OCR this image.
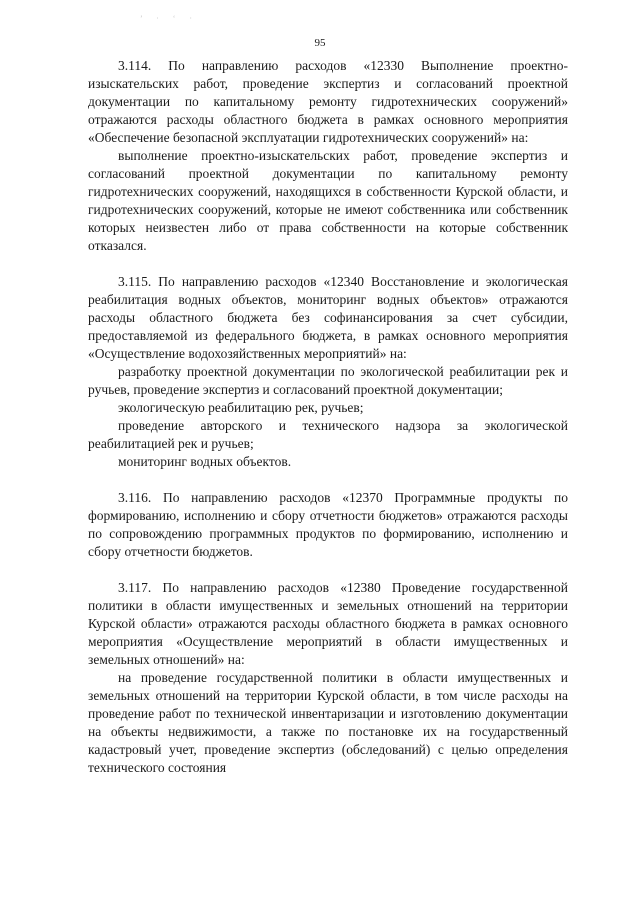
’ · ‘ ·
95

3.114. По направлению расходов «12330 Выполнение проектно-изыскательских работ, проведение экспертиз и согласований проектной документации по капитальному ремонту гидротехнических сооружений» отражаются расходы областного бюджета в рамках основного мероприятия «Обеспечение безопасной эксплуатации гидротехнических сооружений» на:

выполнение проектно-изыскательских работ, проведение экспертиз и согласований проектной документации по капитальному ремонту гидротехнических сооружений, находящихся в собственности Курской области, и гидротехнических сооружений, которые не имеют собственника или собственник которых неизвестен либо от права собственности на которые собственник отказался.

3.115. По направлению расходов «12340 Восстановление и экологическая реабилитация водных объектов, мониторинг водных объектов» отражаются расходы областного бюджета без софинансирования за счет субсидии, предоставляемой из федерального бюджета, в рамках основного мероприятия «Осуществление водохозяйственных мероприятий» на:

разработку проектной документации по экологической реабилитации рек и ручьев, проведение экспертиз и согласований проектной документации;

экологическую реабилитацию рек, ручьев;

проведение авторского и технического надзора за экологической реабилитацией рек и ручьев;

мониторинг водных объектов.

3.116. По направлению расходов «12370 Программные продукты по формированию, исполнению и сбору отчетности бюджетов» отражаются расходы по сопровождению программных продуктов по формированию, исполнению и сбору отчетности бюджетов.

3.117. По направлению расходов «12380 Проведение государственной политики в области имущественных и земельных отношений на территории Курской области» отражаются расходы областного бюджета в рамках основного мероприятия «Осуществление мероприятий в области имущественных и земельных отношений» на:

на проведение государственной политики в области имущественных и земельных отношений на территории Курской области, в том числе расходы на проведение работ по технической инвентаризации и изготовлению документации на объекты недвижимости, а также по постановке их на государственный кадастровый учет, проведение экспертиз (обследований) с целью определения технического состояния
